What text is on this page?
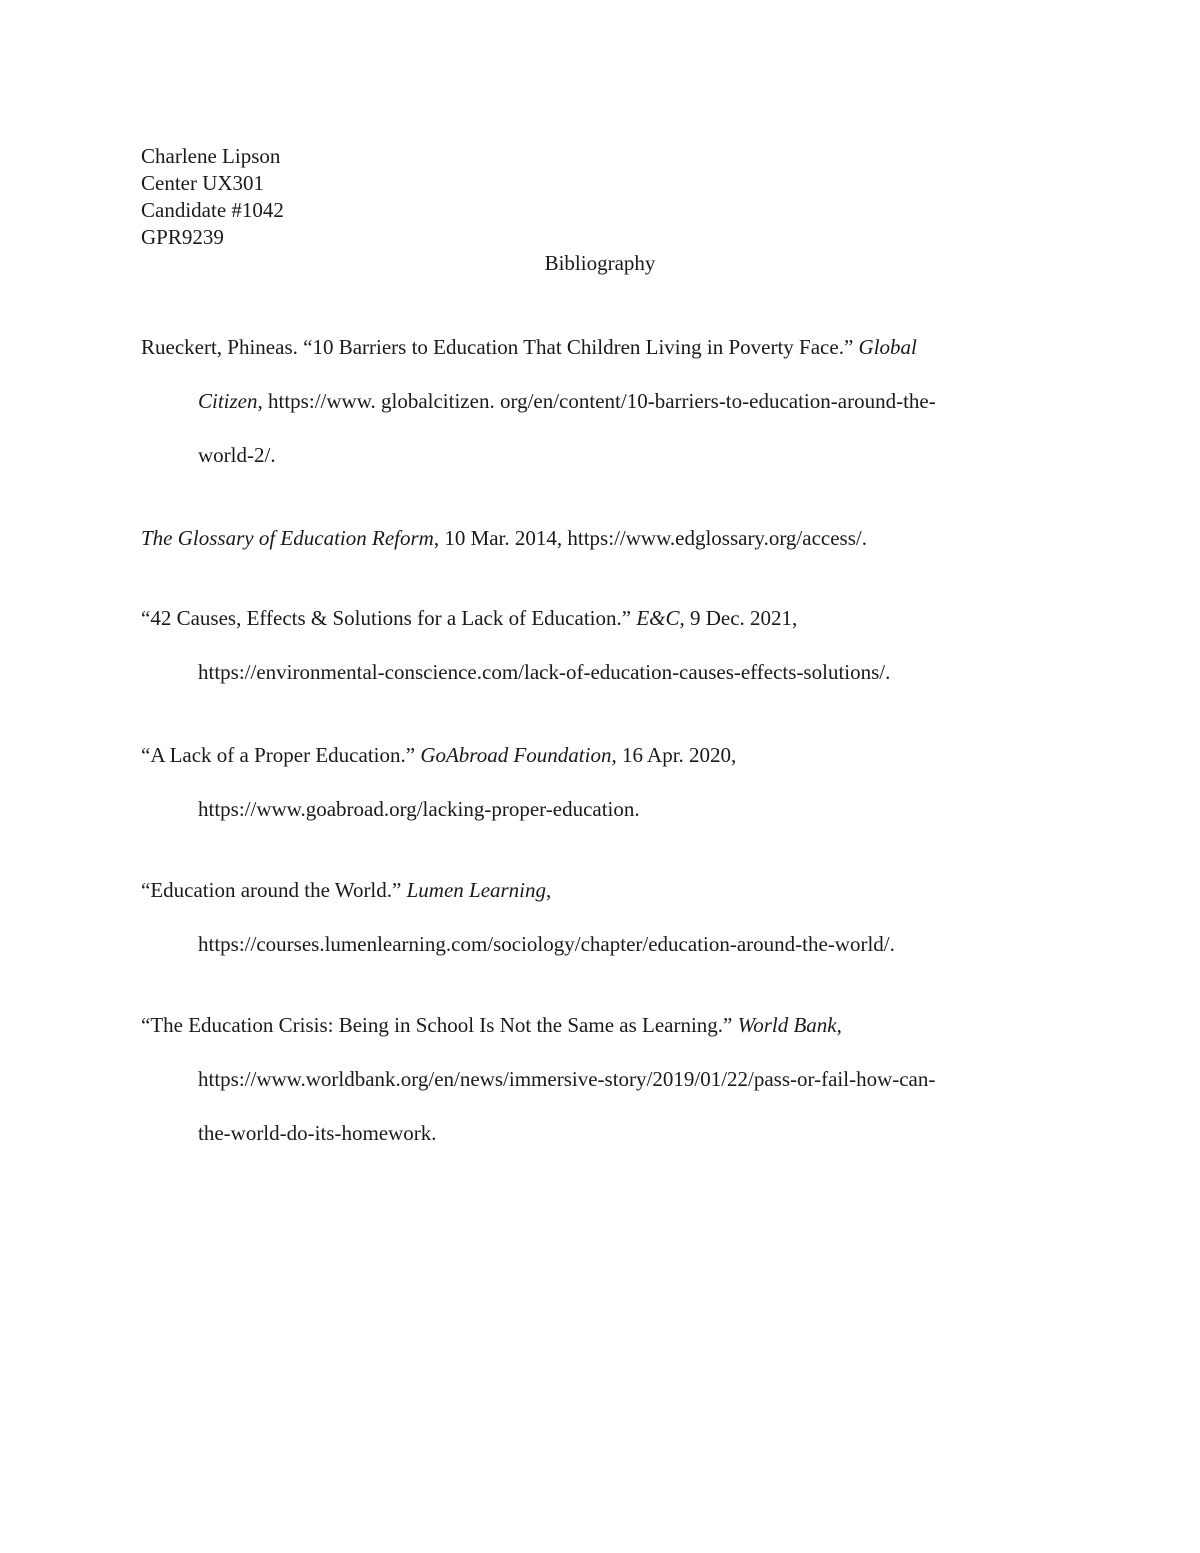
Charlene Lipson
Center UX301
Candidate #1042
GPR9239
Bibliography
Rueckert, Phineas. “10 Barriers to Education That Children Living in Poverty Face.” Global
Citizen, https://www. globalcitizen. org/en/content/10-barriers-to-education-around-the-
world-2/.
The Glossary of Education Reform, 10 Mar. 2014, https://www.edglossary.org/access/.
“42 Causes, Effects & Solutions for a Lack of Education.” E&C, 9 Dec. 2021,
https://environmental-conscience.com/lack-of-education-causes-effects-solutions/.
“A Lack of a Proper Education.” GoAbroad Foundation, 16 Apr. 2020,
https://www.goabroad.org/lacking-proper-education.
“Education around the World.” Lumen Learning,
https://courses.lumenlearning.com/sociology/chapter/education-around-the-world/.
“The Education Crisis: Being in School Is Not the Same as Learning.” World Bank,
https://www.worldbank.org/en/news/immersive-story/2019/01/22/pass-or-fail-how-can-
the-world-do-its-homework.
